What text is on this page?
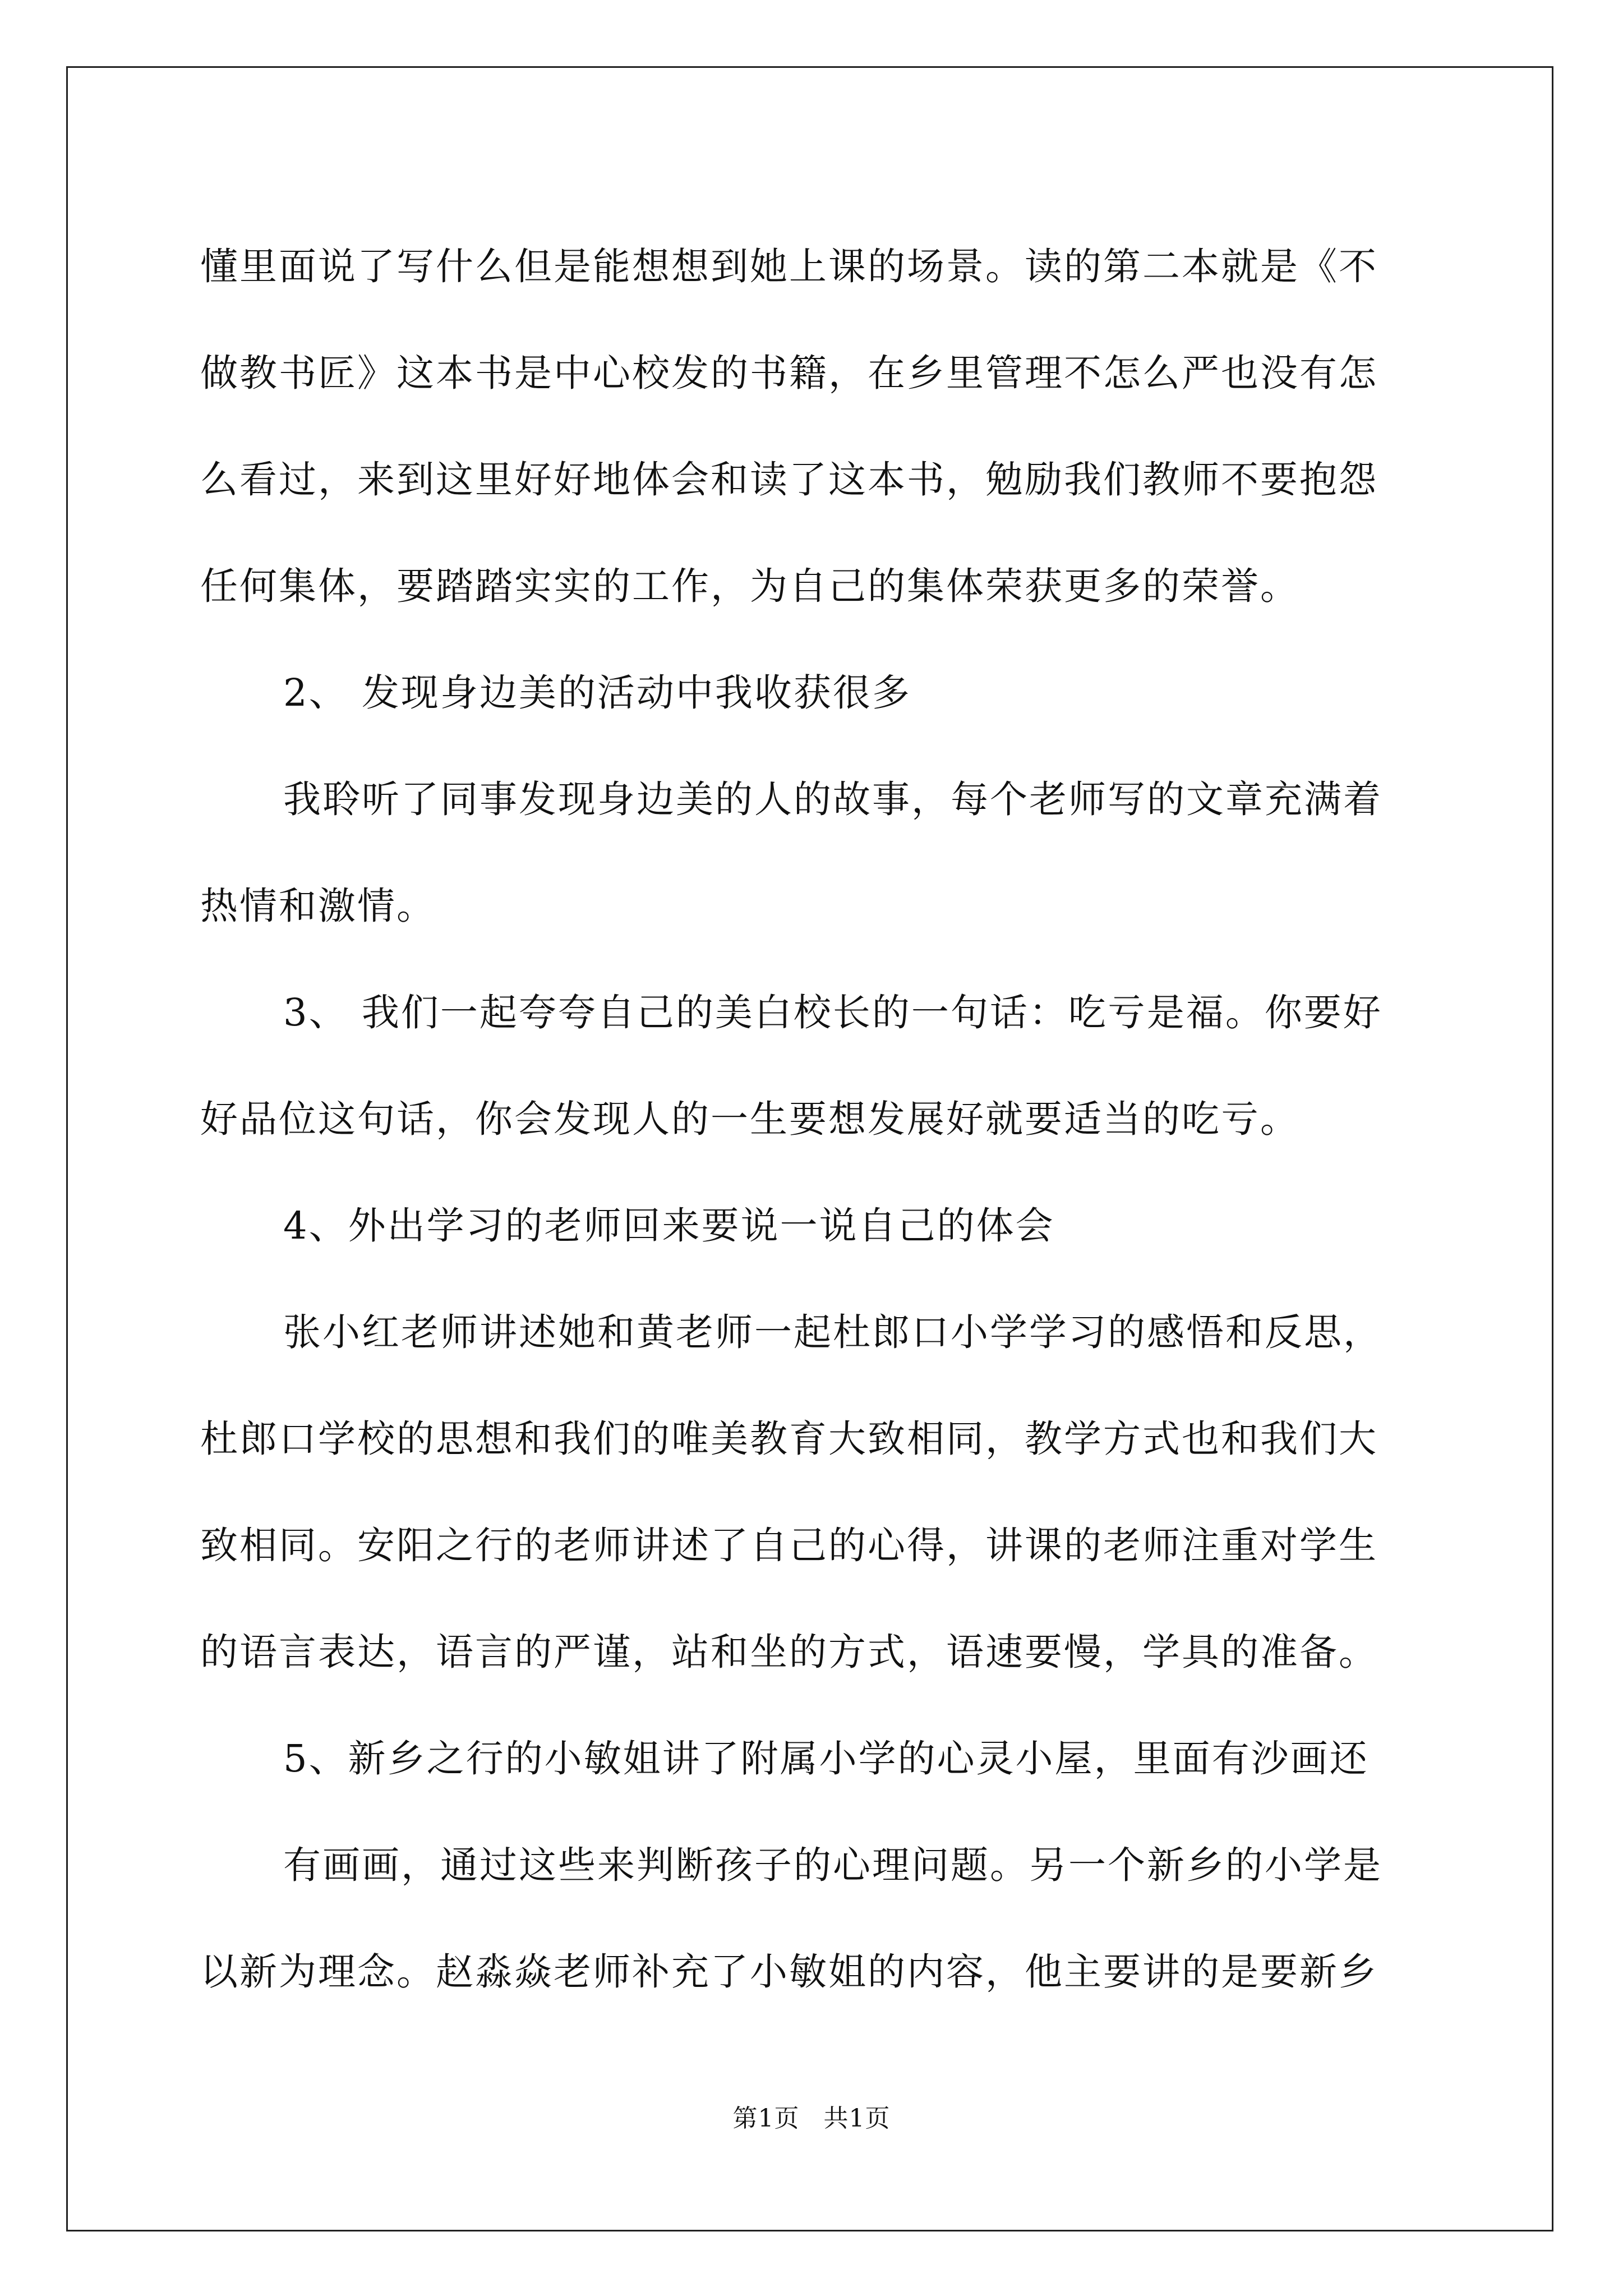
懂里面说了写什么但是能想想到她上课的场景。读的第二本就是《不
做教书匠》这本书是中心校发的书籍，在乡里管理不怎么严也没有怎
么看过，来到这里好好地体会和读了这本书，勉励我们教师不要抱怨
任何集体，要踏踏实实的工作，为自己的集体荣获更多的荣誉。
2、 发现身边美的活动中我收获很多
我聆听了同事发现身边美的人的故事，每个老师写的文章充满着
热情和激情。
3、 我们一起夸夸自己的美白校长的一句话：吃亏是福。你要好
好品位这句话，你会发现人的一生要想发展好就要适当的吃亏。
4、外出学习的老师回来要说一说自己的体会
张小红老师讲述她和黄老师一起杜郎口小学学习的感悟和反思，
杜郎口学校的思想和我们的唯美教育大致相同，教学方式也和我们大
致相同。安阳之行的老师讲述了自己的心得，讲课的老师注重对学生
的语言表达，语言的严谨，站和坐的方式，语速要慢，学具的准备。
5、新乡之行的小敏姐讲了附属小学的心灵小屋，里面有沙画还
有画画，通过这些来判断孩子的心理问题。另一个新乡的小学是
以新为理念。赵淼焱老师补充了小敏姐的内容，他主要讲的是要新乡
第1页 共1页
